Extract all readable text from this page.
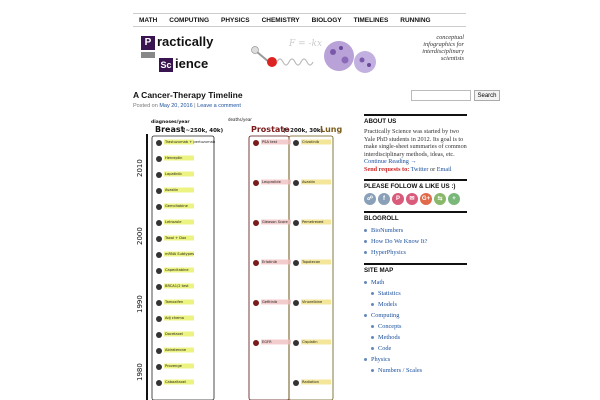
MATH	COMPUTING	PHYSICS	CHEMISTRY	BIOLOGY	TIMELINES	RUNNING
P ractically
Sc ience
F = -kx
conceptual infographics for interdisciplinary scientists
A Cancer-Therapy Timeline
Posted on May 20, 2016 | Leave a comment
diagnoses/year
deaths/year
Breast
(~250k, 40k)	Prostate
(~200k, 30k)
Lung
2010
2000
1990
1980
Trastuzumab + pertuzumab
Herceptin
Lapatinib
Avastin
Gemcitabine
Letrozole
Taxol + Dox
mRNA Subtypes
Capecitabine
BRCA1/2 test
Tamoxifen
Adj chemo
Docetaxel
Abiraterone
Provenge
Cabazitaxel
PSA test
Leuprolide
Gleason Score
Erlotinib
Gefitinib
EGFR
Crizotinib
Avastin
Pemetrexed
Topotecan
Vinorelbine
Cisplatin
Radiation
Search
ABOUT US
Practically Science was started by two Yale PhD students in 2012. Its goal is to make single-sheet summaries of common interdisciplinary methods, ideas, etc. Continue Reading →
Send requests to: Twitter or Email
PLEASE FOLLOW & LIKE US :)
☍	f	P	✉	G+	⇆	+
BLOGROLL
BioNumbers
How Do We Know It?
HyperPhysics
SITE MAP
Math
Statistics
Models
Computing
Concepts
Methods
Code
Physics
Numbers / Scales
